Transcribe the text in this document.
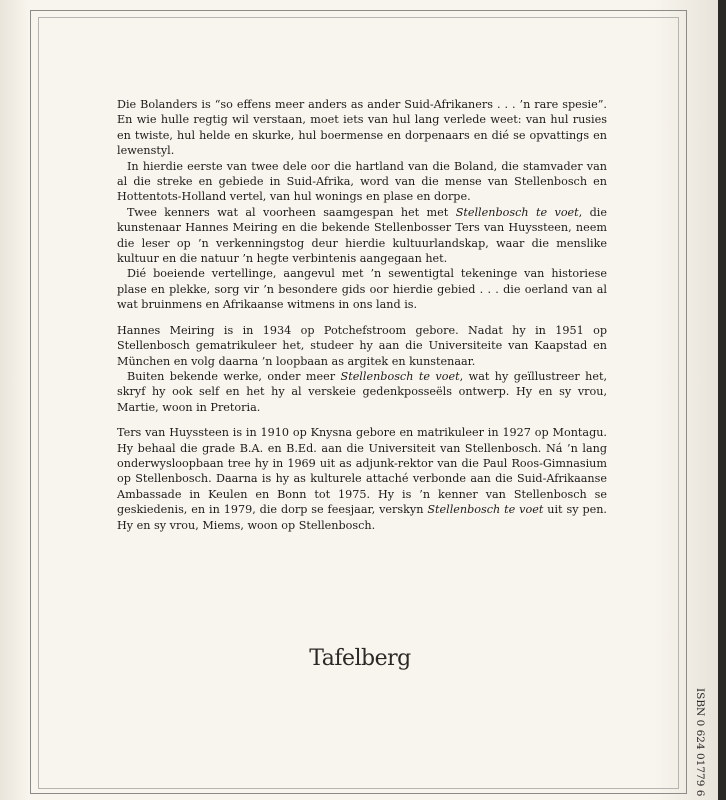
Die Bolanders is “so effens meer anders as ander Suid-Afrikaners . . . ’n rare spesie”. En wie hulle regtig wil verstaan, moet iets van hul lang verlede weet: van hul rusies en twiste, hul helde en skurke, hul boermense en dorpenaars en dié se opvattings en lewenstyl.

In hierdie eerste van twee dele oor die hartland van die Boland, die stamvader van al die streke en gebiede in Suid-Afrika, word van die mense van Stellenbosch en Hottentots-Holland vertel, van hul wonings en plase en dorpe.

Twee kenners wat al voorheen saamgespan het met Stellenbosch te voet, die kunstenaar Hannes Meiring en die bekende Stellenbosser Ters van Huyssteen, neem die leser op ’n verkenningstog deur hierdie kultuurlandskap, waar die menslike kultuur en die natuur ’n hegte verbintenis aangegaan het.

Dié boeiende vertellinge, aangevul met ’n sewentigtal tekeninge van historiese plase en plekke, sorg vir ’n besondere gids oor hierdie gebied . . . die oerland van al wat bruinmens en Afrikaanse witmens in ons land is.

Hannes Meiring is in 1934 op Potchefstroom gebore. Nadat hy in 1951 op Stellenbosch gematrikuleer het, studeer hy aan die Universiteite van Kaapstad en München en volg daarna ’n loopbaan as argitek en kunstenaar.

Buiten bekende werke, onder meer Stellenbosch te voet, wat hy geïllustreer het, skryf hy ook self en het hy al verskeie gedenkposseëls ontwerp. Hy en sy vrou, Martie, woon in Pretoria.

Ters van Huyssteen is in 1910 op Knysna gebore en matrikuleer in 1927 op Montagu. Hy behaal die grade B.A. en B.Ed. aan die Universiteit van Stellenbosch. Ná ’n lang onderwysloopbaan tree hy in 1969 uit as adjunk-rektor van die Paul Roos-Gimnasium op Stellenbosch. Daarna is hy as kulturele attaché verbonde aan die Suid-Afrikaanse Ambassade in Keulen en Bonn tot 1975. Hy is ’n kenner van Stellenbosch se geskiedenis, en in 1979, die dorp se feesjaar, verskyn Stellenbosch te voet uit sy pen. Hy en sy vrou, Miems, woon op Stellenbosch.

Tafelberg
ISBN 0 624 01779 6
